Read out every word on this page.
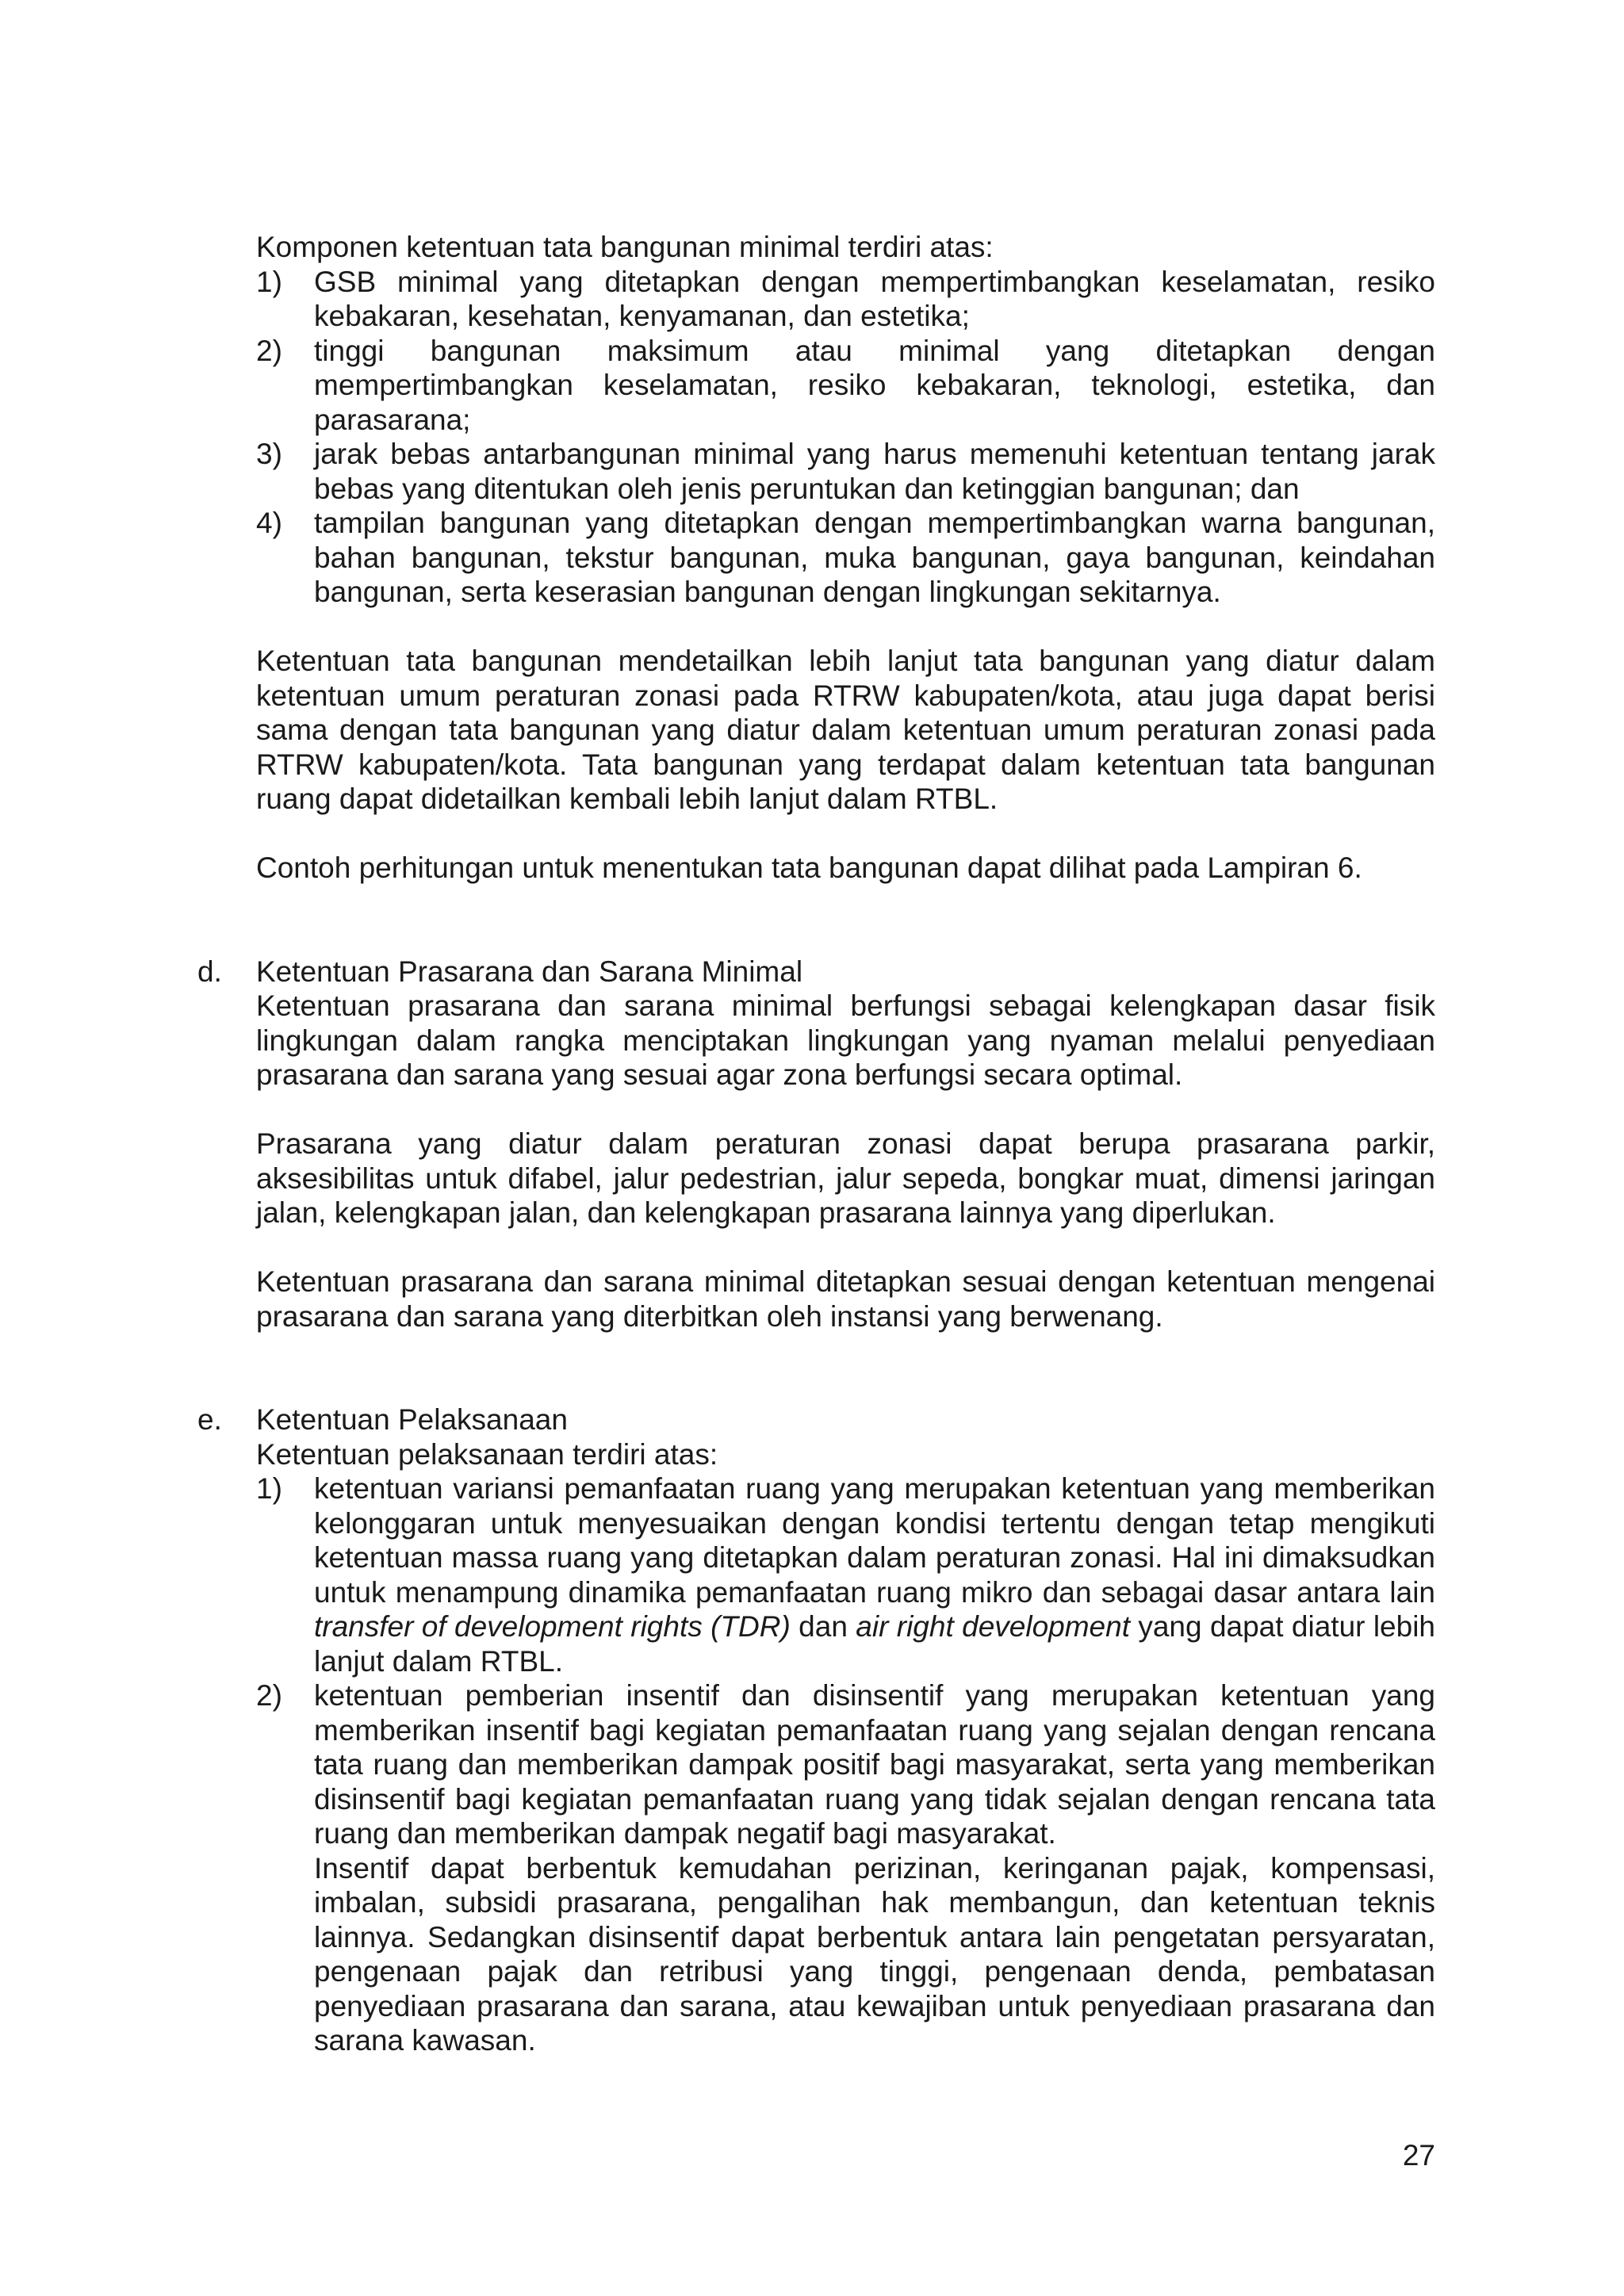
Komponen ketentuan tata bangunan minimal terdiri atas:

1) GSB minimal yang ditetapkan dengan mempertimbangkan keselamatan, resiko kebakaran, kesehatan, kenyamanan, dan estetika;
2) tinggi bangunan maksimum atau minimal yang ditetapkan dengan mempertimbangkan keselamatan, resiko kebakaran, teknologi, estetika, dan parasarana;
3) jarak bebas antarbangunan minimal yang harus memenuhi ketentuan tentang jarak bebas yang ditentukan oleh jenis peruntukan dan ketinggian bangunan; dan
4) tampilan bangunan yang ditetapkan dengan mempertimbangkan warna bangunan, bahan bangunan, tekstur bangunan, muka bangunan, gaya bangunan, keindahan bangunan, serta keserasian bangunan dengan lingkungan sekitarnya.

Ketentuan tata bangunan mendetailkan lebih lanjut tata bangunan yang diatur dalam ketentuan umum peraturan zonasi pada RTRW kabupaten/kota, atau juga dapat berisi sama dengan tata bangunan yang diatur dalam ketentuan umum peraturan zonasi pada RTRW kabupaten/kota. Tata bangunan yang terdapat dalam ketentuan tata bangunan ruang dapat didetailkan kembali lebih lanjut dalam RTBL.

Contoh perhitungan untuk menentukan tata bangunan dapat dilihat pada Lampiran 6.

d. Ketentuan Prasarana dan Sarana Minimal

Ketentuan prasarana dan sarana minimal berfungsi sebagai kelengkapan dasar fisik lingkungan dalam rangka menciptakan lingkungan yang nyaman melalui penyediaan prasarana dan sarana yang sesuai agar zona berfungsi secara optimal.

Prasarana yang diatur dalam peraturan zonasi dapat berupa prasarana parkir, aksesibilitas untuk difabel, jalur pedestrian, jalur sepeda, bongkar muat, dimensi jaringan jalan, kelengkapan jalan, dan kelengkapan prasarana lainnya yang diperlukan.

Ketentuan prasarana dan sarana minimal ditetapkan sesuai dengan ketentuan mengenai prasarana dan sarana yang diterbitkan oleh instansi yang berwenang.

e. Ketentuan Pelaksanaan

Ketentuan pelaksanaan terdiri atas:

1) ketentuan variansi pemanfaatan ruang yang merupakan ketentuan yang memberikan kelonggaran untuk menyesuaikan dengan kondisi tertentu dengan tetap mengikuti ketentuan massa ruang yang ditetapkan dalam peraturan zonasi. Hal ini dimaksudkan untuk menampung dinamika pemanfaatan ruang mikro dan sebagai dasar antara lain transfer of development rights (TDR) dan air right development yang dapat diatur lebih lanjut dalam RTBL.
2) ketentuan pemberian insentif dan disinsentif yang merupakan ketentuan yang memberikan insentif bagi kegiatan pemanfaatan ruang yang sejalan dengan rencana tata ruang dan memberikan dampak positif bagi masyarakat, serta yang memberikan disinsentif bagi kegiatan pemanfaatan ruang yang tidak sejalan dengan rencana tata ruang dan memberikan dampak negatif bagi masyarakat.

Insentif dapat berbentuk kemudahan perizinan, keringanan pajak, kompensasi, imbalan, subsidi prasarana, pengalihan hak membangun, dan ketentuan teknis lainnya. Sedangkan disinsentif dapat berbentuk antara lain pengetatan persyaratan, pengenaan pajak dan retribusi yang tinggi, pengenaan denda, pembatasan penyediaan prasarana dan sarana, atau kewajiban untuk penyediaan prasarana dan sarana kawasan.

27
